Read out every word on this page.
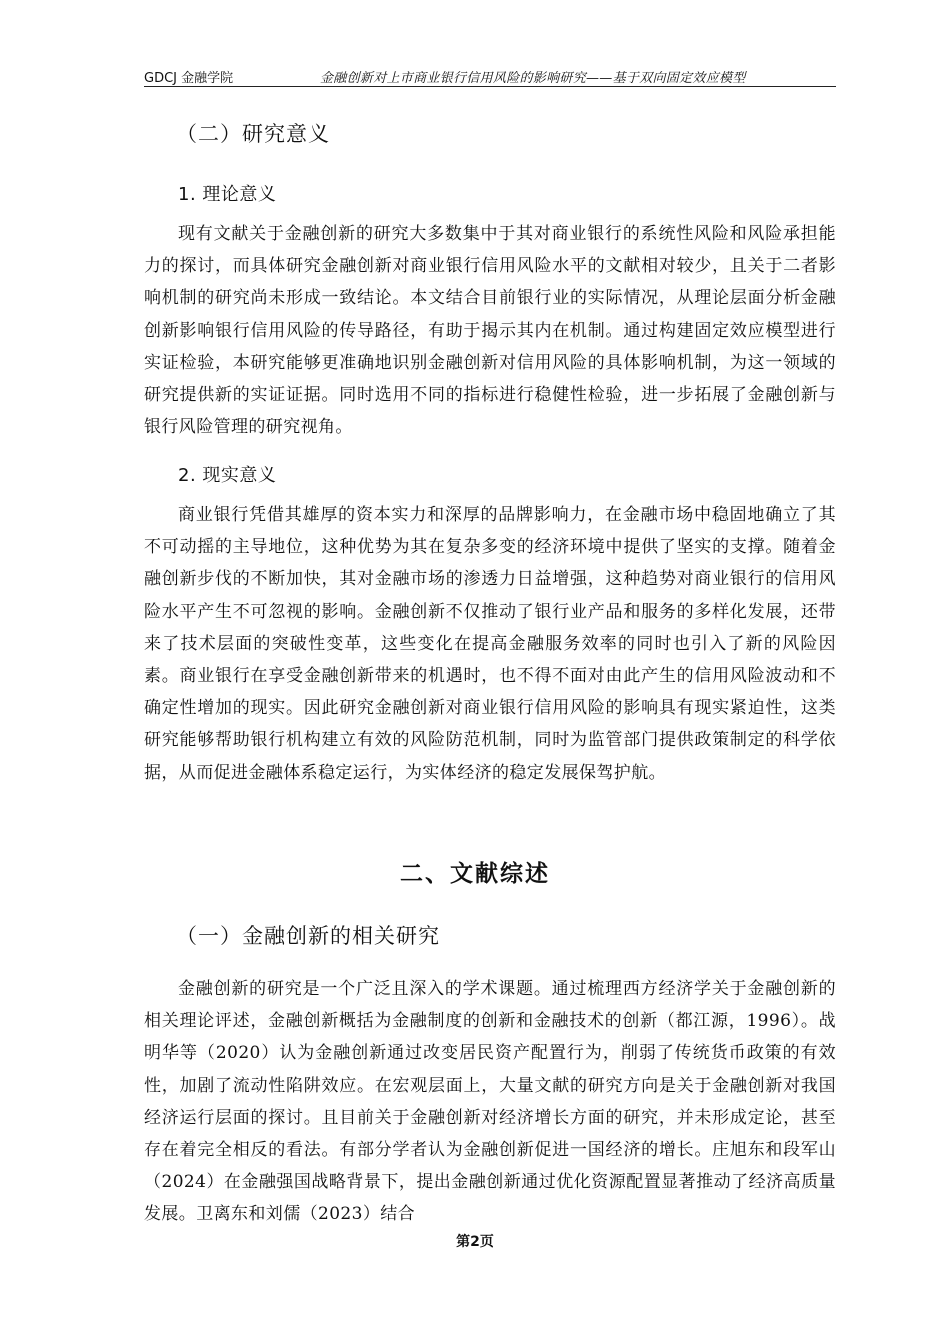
GDCJ 金融学院	金融创新对上市商业银行信用风险的影响研究——基于双向固定效应模型
（二）研究意义
1. 理论意义

现有文献关于金融创新的研究大多数集中于其对商业银行的系统性风险和风险承担能力的探讨，而具体研究金融创新对商业银行信用风险水平的文献相对较少，且关于二者影响机制的研究尚未形成一致结论。本文结合目前银行业的实际情况，从理论层面分析金融创新影响银行信用风险的传导路径，有助于揭示其内在机制。通过构建固定效应模型进行实证检验，本研究能够更准确地识别金融创新对信用风险的具体影响机制，为这一领域的研究提供新的实证证据。同时选用不同的指标进行稳健性检验，进一步拓展了金融创新与银行风险管理的研究视角。

2. 现实意义

商业银行凭借其雄厚的资本实力和深厚的品牌影响力，在金融市场中稳固地确立了其不可动摇的主导地位，这种优势为其在复杂多变的经济环境中提供了坚实的支撑。随着金融创新步伐的不断加快，其对金融市场的渗透力日益增强，这种趋势对商业银行的信用风险水平产生不可忽视的影响。金融创新不仅推动了银行业产品和服务的多样化发展，还带来了技术层面的突破性变革，这些变化在提高金融服务效率的同时也引入了新的风险因素。商业银行在享受金融创新带来的机遇时，也不得不面对由此产生的信用风险波动和不确定性增加的现实。因此研究金融创新对商业银行信用风险的影响具有现实紧迫性，这类研究能够帮助银行机构建立有效的风险防范机制，同时为监管部门提供政策制定的科学依据，从而促进金融体系稳定运行，为实体经济的稳定发展保驾护航。

二、文献综述
（一）金融创新的相关研究

金融创新的研究是一个广泛且深入的学术课题。通过梳理西方经济学关于金融创新的相关理论评述，金融创新概括为金融制度的创新和金融技术的创新（都江源，1996）。战明华等（2020）认为金融创新通过改变居民资产配置行为，削弱了传统货币政策的有效性，加剧了流动性陷阱效应。在宏观层面上，大量文献的研究方向是关于金融创新对我国经济运行层面的探讨。且目前关于金融创新对经济增长方面的研究，并未形成定论，甚至存在着完全相反的看法。有部分学者认为金融创新促进一国经济的增长。庄旭东和段军山（2024）在金融强国战略背景下，提出金融创新通过优化资源配置显著推动了经济高质量发展。卫离东和刘儒（2023）结合

第2页
